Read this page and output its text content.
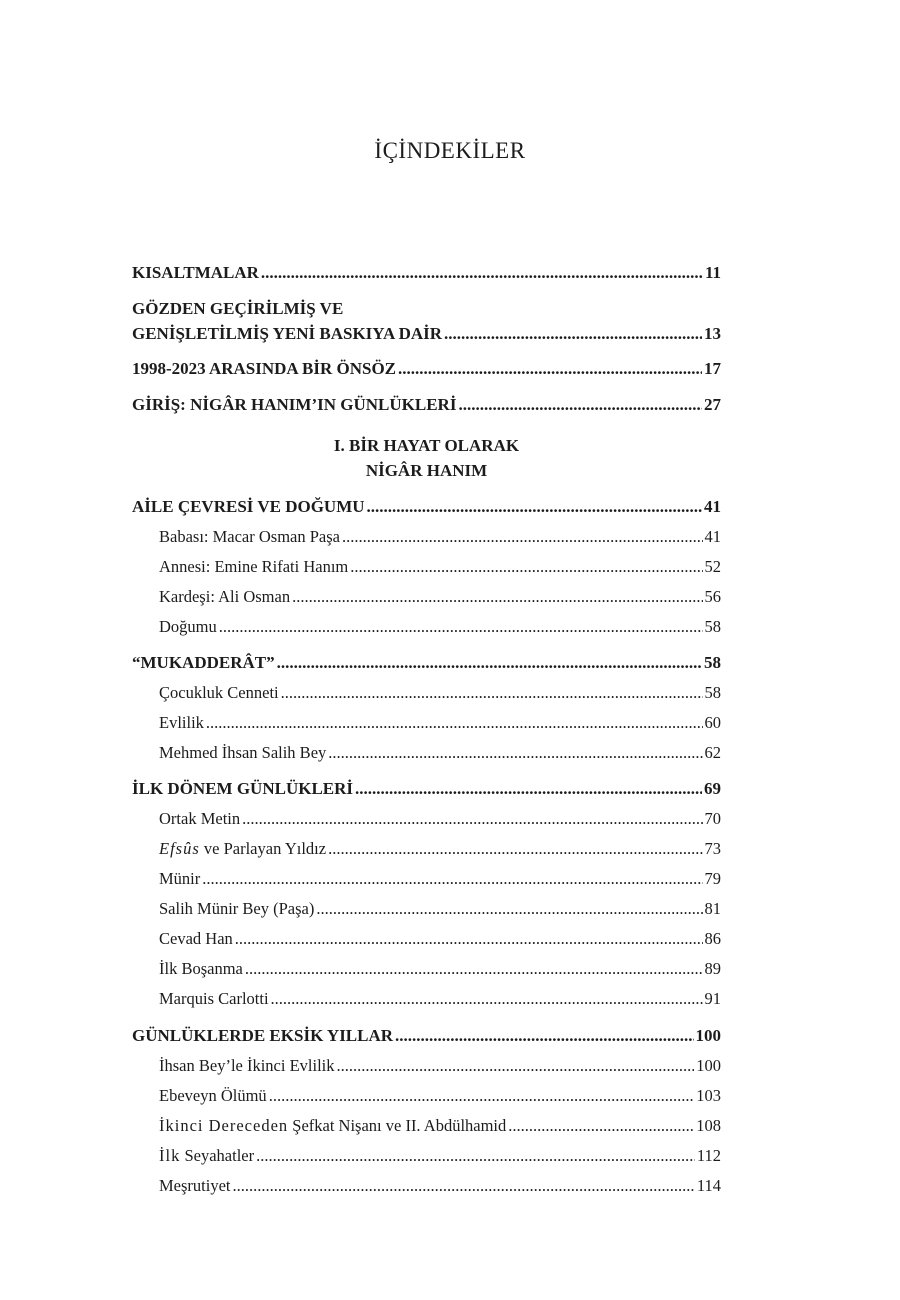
İÇİNDEKİLER
KISALTMALAR .....	11
GÖZDEN GEÇİRİLMİŞ VE
GENİŞLETİLMİŞ YENİ BASKIYA DAİR .....	13
1998-2023 ARASINDA BİR ÖNSÖZ .....	17
GİRİŞ: NİGÂR HANIM’IN GÜNLÜKLERİ .....	27
I. BİR HAYAT OLARAK
NİGÂR HANIM
AİLE ÇEVRESİ VE DOĞUMU .....	41
Babası: Macar Osman Paşa .....	41
Annesi: Emine Rifati Hanım .....	52
Kardeşi: Ali Osman .....	56
Doğumu .....	58
“MUKADDERÂT” .....	58
Çocukluk Cenneti .....	58
Evlilik .....	60
Mehmed İhsan Salih Bey .....	62
İLK DÖNEM GÜNLÜKLERİ .....	69
Ortak Metin .....	70
Efsûs ve Parlayan Yıldız .....	73
Münir .....	79
Salih Münir Bey (Paşa) .....	81
Cevad Han .....	86
İlk Boşanma .....	89
Marquis Carlotti .....	91
GÜNLÜKLERDE EKSİK YILLAR .....	100
İhsan Bey’le İkinci Evlilik .....	100
Ebeveyn Ölümü .....	103
İkinci Dereceden Şefkat Nişanı ve II. Abdülhamid .....	108
İlk Seyahatler .....	112
Meşrutiyet .....	114
